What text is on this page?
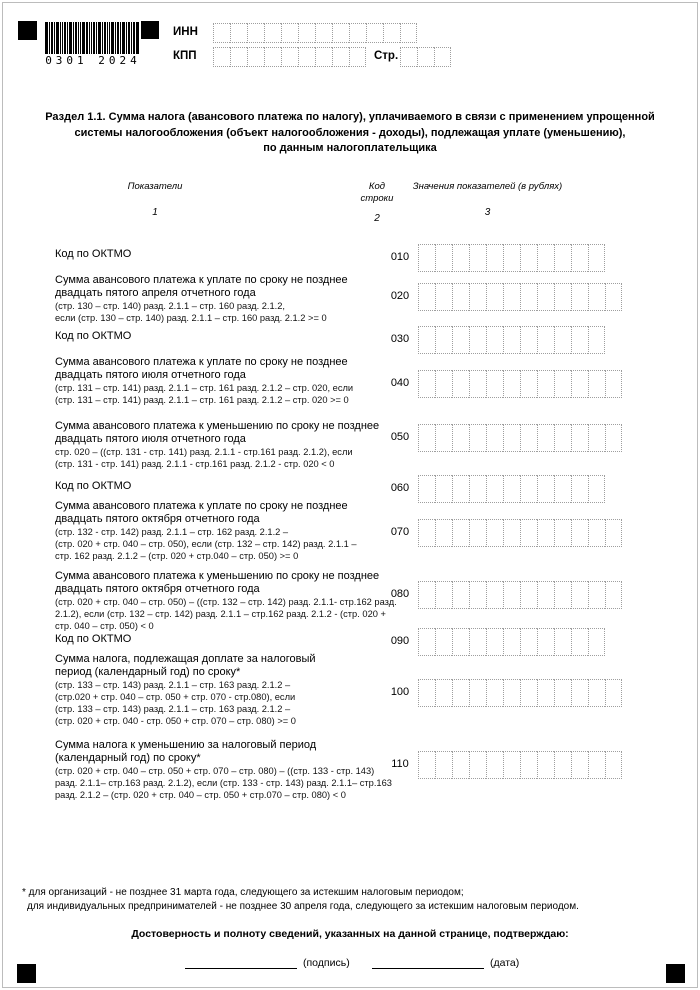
0301 2024
ИНН
КПП	Стр.
Раздел 1.1. Сумма налога (авансового платежа по налогу), уплачиваемого в связи с применением упрощенной
системы налогообложения (объект налогообложения - доходы), подлежащая уплате (уменьшению),
по данным налогоплательщика
Показатели	Код строки
Значения показателей (в рублях)
1
2
3
Код по ОКТМО	010
Сумма авансового платежа к уплате по сроку не позднее
двадцать пятого апреля отчетного года
(стр. 130 – стр. 140) разд. 2.1.1 – стр. 160 разд. 2.1.2,
если (стр. 130 – стр. 140) разд. 2.1.1 – стр. 160 разд. 2.1.2 >= 0
020
Код по ОКТМО	030
Сумма авансового платежа к уплате по сроку не позднее
двадцать пятого июля отчетного года
(стр. 131 – стр. 141) разд. 2.1.1 – стр. 161 разд. 2.1.2 – стр. 020, если
(стр. 131 – стр. 141) разд. 2.1.1 – стр. 161 разд. 2.1.2 – стр. 020 >= 0
040
Сумма авансового платежа к уменьшению по сроку не позднее
двадцать пятого июля отчетного года
стр. 020 – ((стр. 131 - стр. 141) разд. 2.1.1 - стр.161 разд. 2.1.2), если
(стр. 131 - стр. 141) разд. 2.1.1 - стр.161 разд. 2.1.2 - стр. 020 < 0
050
Код по ОКТМО	060
Сумма авансового платежа к уплате по сроку не позднее
двадцать пятого октября отчетного года
(стр. 132 - стр. 142) разд. 2.1.1 – стр. 162 разд. 2.1.2 –
(стр. 020 + стр. 040 – стр. 050), если (стр. 132 – стр. 142) разд. 2.1.1 –
стр. 162 разд. 2.1.2 – (стр. 020 + стр.040 – стр. 050) >= 0
070
Сумма авансового платежа к уменьшению по сроку не позднее
двадцать пятого октября отчетного года
(стр. 020 + стр. 040 – стр. 050) – ((стр. 132 – стр. 142) разд. 2.1.1- стр.162 разд.
2.1.2), если (стр. 132 – стр. 142) разд. 2.1.1 – стр.162 разд. 2.1.2 - (стр. 020 +
стр. 040 – стр. 050) < 0
080
Код по ОКТМО	090
Сумма налога, подлежащая доплате за налоговый
период (календарный год) по сроку*
(стр. 133 – стр. 143) разд. 2.1.1 – стр. 163 разд. 2.1.2 –
(стр.020 + стр. 040 – стр. 050 + стр. 070 - стр.080), если
(стр. 133 – стр. 143) разд. 2.1.1 – стр. 163 разд. 2.1.2 –
(стр. 020 + стр. 040 - стр. 050 + стр. 070 – стр. 080) >= 0
100
Сумма налога к уменьшению за налоговый период
(календарный год) по сроку*
(стр. 020 + стр. 040 – стр. 050 + стр. 070 – стр. 080) – ((стр. 133 - стр. 143)
разд. 2.1.1– стр.163 разд. 2.1.2), если (стр. 133 - стр. 143) разд. 2.1.1– стр.163
разд. 2.1.2 – (стр. 020 + стр. 040 – стр. 050 + стр.070 – стр. 080) < 0
110
* для организаций - не позднее 31 марта года, следующего за истекшим налоговым периодом;
для индивидуальных предпринимателей - не позднее 30 апреля года, следующего за истекшим налоговым периодом.
Достоверность и полноту сведений, указанных на данной странице, подтверждаю:
(подпись)	(дата)
